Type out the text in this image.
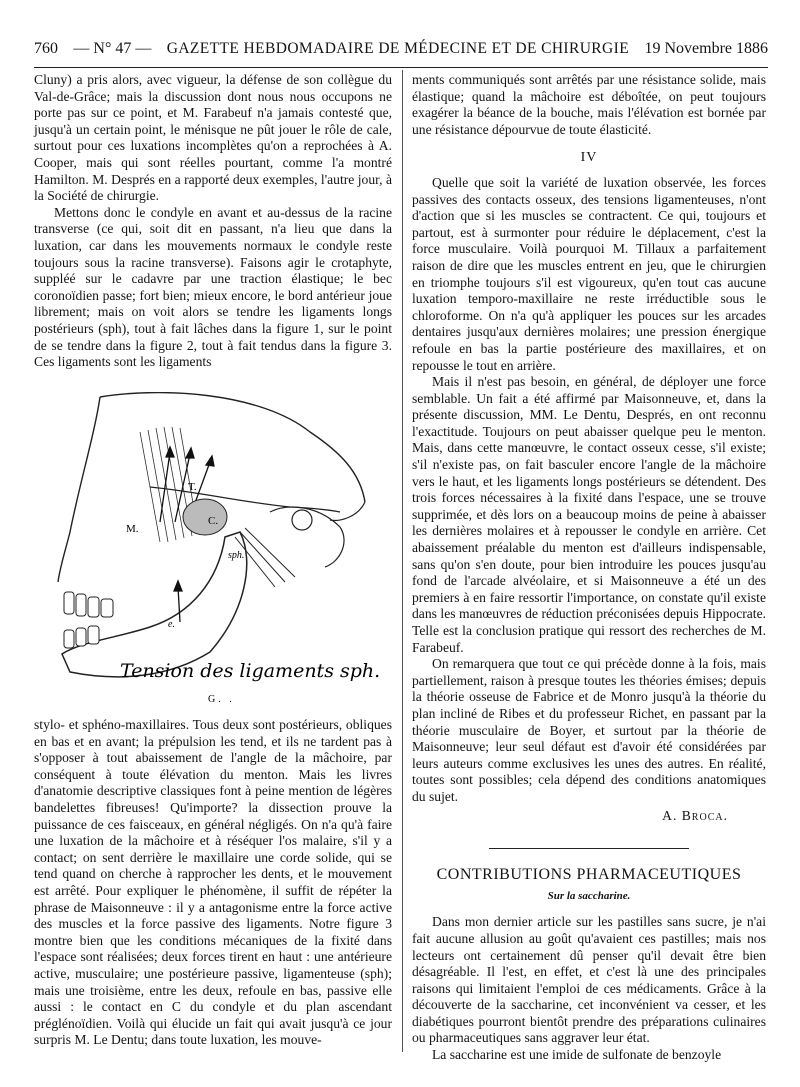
760 — N° 47 — GAZETTE HEBDOMADAIRE DE MÉDECINE ET DE CHIRURGIE 19 Novembre 1886

Cluny) a pris alors, avec vigueur, la défense de son collègue du Val-de-Grâce; mais la discussion dont nous nous occupons ne porte pas sur ce point, et M. Farabeuf n'a jamais contesté que, jusqu'à un certain point, le ménisque ne pût jouer le rôle de cale, surtout pour ces luxations incomplètes qu'on a reprochées à A. Cooper, mais qui sont réelles pourtant, comme l'a montré Hamilton. M. Després en a rapporté deux exemples, l'autre jour, à la Société de chirurgie.

Mettons donc le condyle en avant et au-dessus de la racine transverse (ce qui, soit dit en passant, n'a lieu que dans la luxation, car dans les mouvements normaux le condyle reste toujours sous la racine transverse). Faisons agir le crotaphyte, suppléé sur le cadavre par une traction élastique; le bec coronoïdien passe; fort bien; mieux encore, le bord antérieur joue librement; mais on voit alors se tendre les ligaments longs postérieurs (sph), tout à fait lâches dans la figure 1, sur le point de se tendre dans la figure 2, tout à fait tendus dans la figure 3. Ces ligaments sont les ligaments

T.
M.
C.
sph.
e.
Tension des ligaments sph.
G. .

stylo- et sphéno-maxillaires. Tous deux sont postérieurs, obliques en bas et en avant; la prépulsion les tend, et ils ne tardent pas à s'opposer à tout abaissement de l'angle de la mâchoire, par conséquent à toute élévation du menton. Mais les livres d'anatomie descriptive classiques font à peine mention de légères bandelettes fibreuses! Qu'importe? la dissection prouve la puissance de ces faisceaux, en général négligés. On n'a qu'à faire une luxation de la mâchoire et à réséquer l'os malaire, s'il y a contact; on sent derrière le maxillaire une corde solide, qui se tend quand on cherche à rapprocher les dents, et le mouvement est arrêté. Pour expliquer le phénomène, il suffit de répéter la phrase de Maisonneuve : il y a antagonisme entre la force active des muscles et la force passive des ligaments. Notre figure 3 montre bien que les conditions mécaniques de la fixité dans l'espace sont réalisées; deux forces tirent en haut : une antérieure active, musculaire; une postérieure passive, ligamenteuse (sph); mais une troisième, entre les deux, refoule en bas, passive elle aussi : le contact en C du condyle et du plan ascendant préglénoïdien. Voilà qui élucide un fait qui avait jusqu'à ce jour surpris M. Le Dentu; dans toute luxation, les mouve-

ments communiqués sont arrêtés par une résistance solide, mais élastique; quand la mâchoire est déboîtée, on peut toujours exagérer la béance de la bouche, mais l'élévation est bornée par une résistance dépourvue de toute élasticité.

IV

Quelle que soit la variété de luxation observée, les forces passives des contacts osseux, des tensions ligamenteuses, n'ont d'action que si les muscles se contractent. Ce qui, toujours et partout, est à surmonter pour réduire le déplacement, c'est la force musculaire. Voilà pourquoi M. Tillaux a parfaitement raison de dire que les muscles entrent en jeu, que le chirurgien en triomphe toujours s'il est vigoureux, qu'en tout cas aucune luxation temporo-maxillaire ne reste irréductible sous le chloroforme. On n'a qu'à appliquer les pouces sur les arcades dentaires jusqu'aux dernières molaires; une pression énergique refoule en bas la partie postérieure des maxillaires, et on repousse le tout en arrière.

Mais il n'est pas besoin, en général, de déployer une force semblable. Un fait a été affirmé par Maisonneuve, et, dans la présente discussion, MM. Le Dentu, Després, en ont reconnu l'exactitude. Toujours on peut abaisser quelque peu le menton. Mais, dans cette manœuvre, le contact osseux cesse, s'il existe; s'il n'existe pas, on fait basculer encore l'angle de la mâchoire vers le haut, et les ligaments longs postérieurs se détendent. Des trois forces nécessaires à la fixité dans l'espace, une se trouve supprimée, et dès lors on a beaucoup moins de peine à abaisser les dernières molaires et à repousser le condyle en arrière. Cet abaissement préalable du menton est d'ailleurs indispensable, sans qu'on s'en doute, pour bien introduire les pouces jusqu'au fond de l'arcade alvéolaire, et si Maisonneuve a été un des premiers à en faire ressortir l'importance, on constate qu'il existe dans les manœuvres de réduction préconisées depuis Hippocrate. Telle est la conclusion pratique qui ressort des recherches de M. Farabeuf.

On remarquera que tout ce qui précède donne à la fois, mais partiellement, raison à presque toutes les théories émises; depuis la théorie osseuse de Fabrice et de Monro jusqu'à la théorie du plan incliné de Ribes et du professeur Richet, en passant par la théorie musculaire de Boyer, et surtout par la théorie de Maisonneuve; leur seul défaut est d'avoir été considérées par leurs auteurs comme exclusives les unes des autres. En réalité, toutes sont possibles; cela dépend des conditions anatomiques du sujet.

A. Broca.
CONTRIBUTIONS PHARMACEUTIQUES
Sur la saccharine.

Dans mon dernier article sur les pastilles sans sucre, je n'ai fait aucune allusion au goût qu'avaient ces pastilles; mais nos lecteurs ont certainement dû penser qu'il devait être bien désagréable. Il l'est, en effet, et c'est là une des principales raisons qui limitaient l'emploi de ces médicaments. Grâce à la découverte de la saccharine, cet inconvénient va cesser, et les diabétiques pourront bientôt prendre des préparations culinaires ou pharmaceutiques sans aggraver leur état.

La saccharine est une imide de sulfonate de benzoyle
